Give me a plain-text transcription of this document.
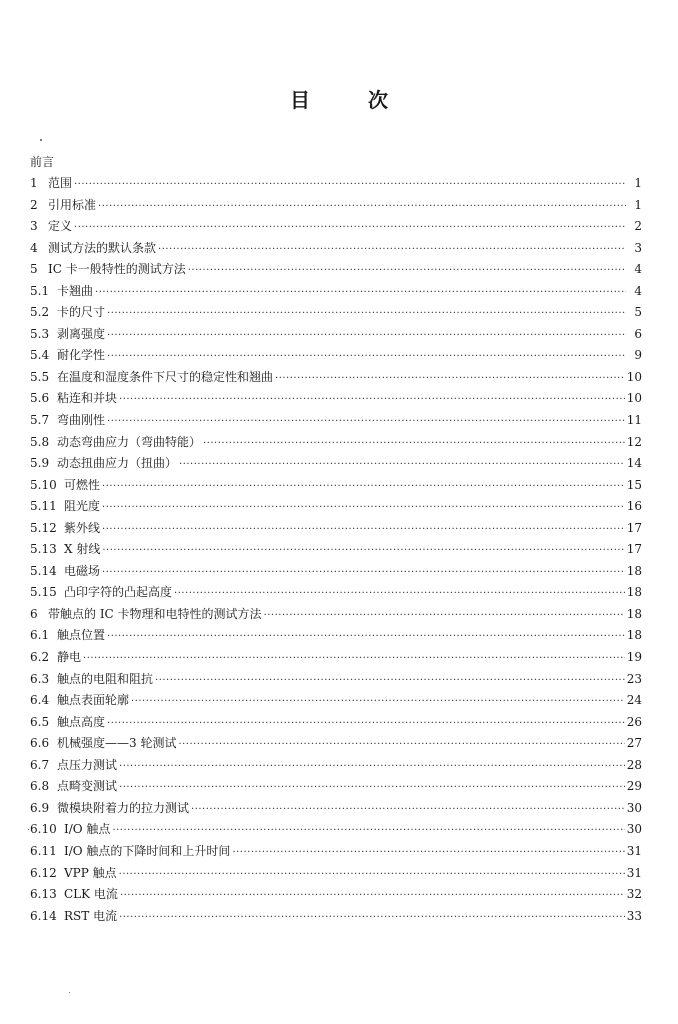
目	次
前言
1 范围 ·····	1
2 引用标准 ·····	1
3 定义 ·····	2
4 测试方法的默认条款 ·····	3
5 IC 卡一般特性的测试方法 ·····	4
5.1 卡翘曲 ·····	4
5.2 卡的尺寸 ·····	5
5.3 剥离强度 ·····	6
5.4 耐化学性 ·····	9
5.5 在温度和湿度条件下尺寸的稳定性和翘曲 ·····	10
5.6 粘连和并块 ·····	10
5.7 弯曲刚性 ·····	11
5.8 动态弯曲应力（弯曲特能） ·····	12
5.9 动态扭曲应力（扭曲） ·····	14
5.10 可燃性 ·····	15
5.11 阻光度 ·····	16
5.12 紫外线 ·····	17
5.13 X 射线 ·····	17
5.14 电磁场 ·····	18
5.15 凸印字符的凸起高度 ·····	18
6 带触点的 IC 卡物理和电特性的测试方法 ·····	18
6.1 触点位置 ·····	18
6.2 静电 ·····	19
6.3 触点的电阻和阻抗 ·····	23
6.4 触点表面轮廓 ·····	24
6.5 触点高度 ·····	26
6.6 机械强度——3 轮测试 ·····	27
6.7 点压力测试 ·····	28
6.8 点畸变测试 ·····	29
6.9 微模块附着力的拉力测试 ·····	30
6.10 I/O 触点 ·····	30
6.11 I/O 触点的下降时间和上升时间 ·····	31
6.12 VPP 触点 ·····	31
6.13 CLK 电流 ·····	32
6.14 RST 电流 ·····	33
